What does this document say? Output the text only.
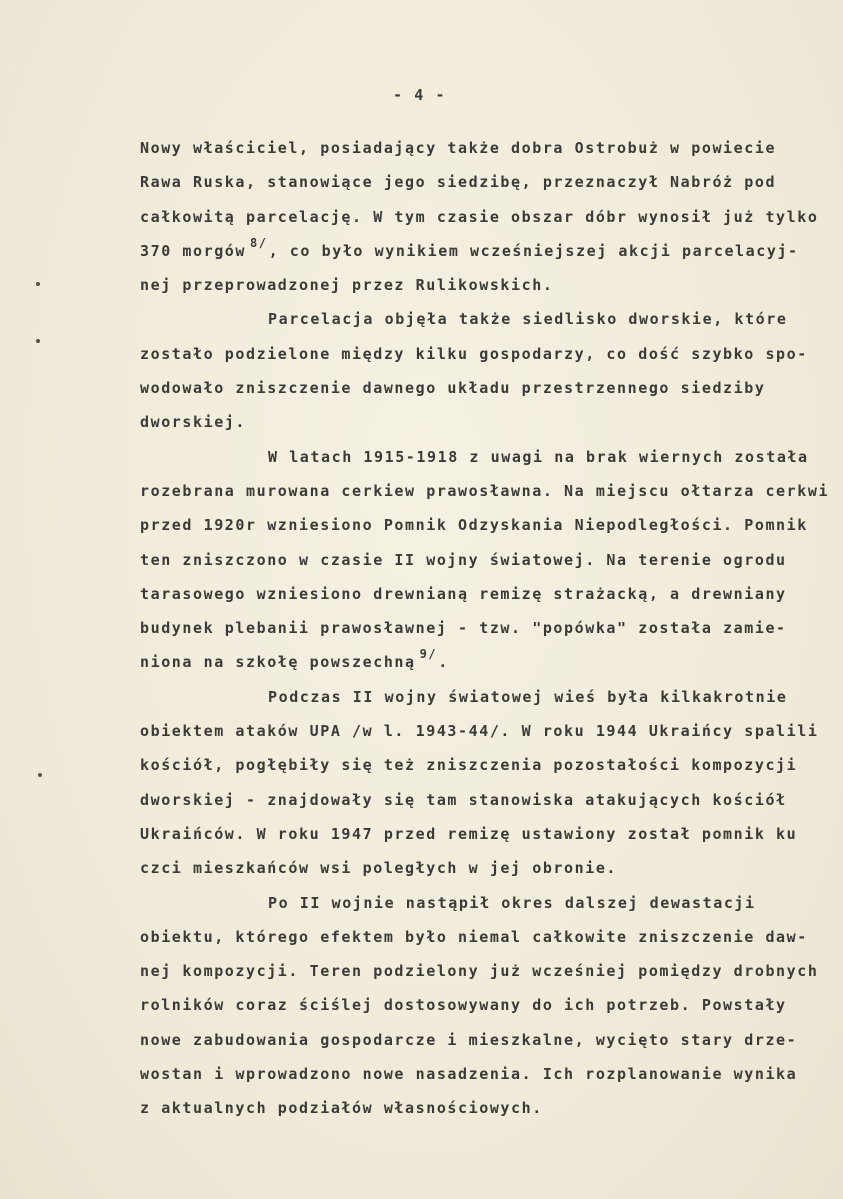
- 4 -
Nowy właściciel, posiadający także dobra Ostrobuż w powiecie
Rawa Ruska, stanowiące jego siedzibę, przeznaczył Nabróż pod
całkowitą parcelację. W tym czasie obszar dóbr wynosił już tylko
370 morgów $^{8/}$, co było wynikiem wcześniejszej akcji parcelacyj-
nej przeprowadzonej przez Rulikowskich.
Parcelacja objęła także siedlisko dworskie, które
zostało podzielone między kilku gospodarzy, co dość szybko spo-
wodowało zniszczenie dawnego układu przestrzennego siedziby
dworskiej.
W latach 1915-1918 z uwagi na brak wiernych została
rozebrana murowana cerkiew prawosławna. Na miejscu ołtarza cerkwi
przed 1920r wzniesiono Pomnik Odzyskania Niepodległości. Pomnik
ten zniszczono w czasie II wojny światowej. Na terenie ogrodu
tarasowego wzniesiono drewnianą remizę strażacką, a drewniany
budynek plebanii prawosławnej - tzw. "popówka" została zamie-
niona na szkołę powszechną $^{9/}$.
Podczas II wojny światowej wieś była kilkakrotnie
obiektem ataków UPA /w l. 1943-44/. W roku 1944 Ukraińcy spalili
kościół, pogłębiły się też zniszczenia pozostałości kompozycji
dworskiej - znajdowały się tam stanowiska atakujących kościół
Ukraińców. W roku 1947 przed remizę ustawiony został pomnik ku
czci mieszkańców wsi poległych w jej obronie.
Po II wojnie nastąpił okres dalszej dewastacji
obiektu, którego efektem było niemal całkowite zniszczenie daw-
nej kompozycji. Teren podzielony już wcześniej pomiędzy drobnych
rolników coraz ściślej dostosowywany do ich potrzeb. Powstały
nowe zabudowania gospodarcze i mieszkalne, wycięto stary drze-
wostan i wprowadzono nowe nasadzenia. Ich rozplanowanie wynika
z aktualnych podziałów własnościowych.
